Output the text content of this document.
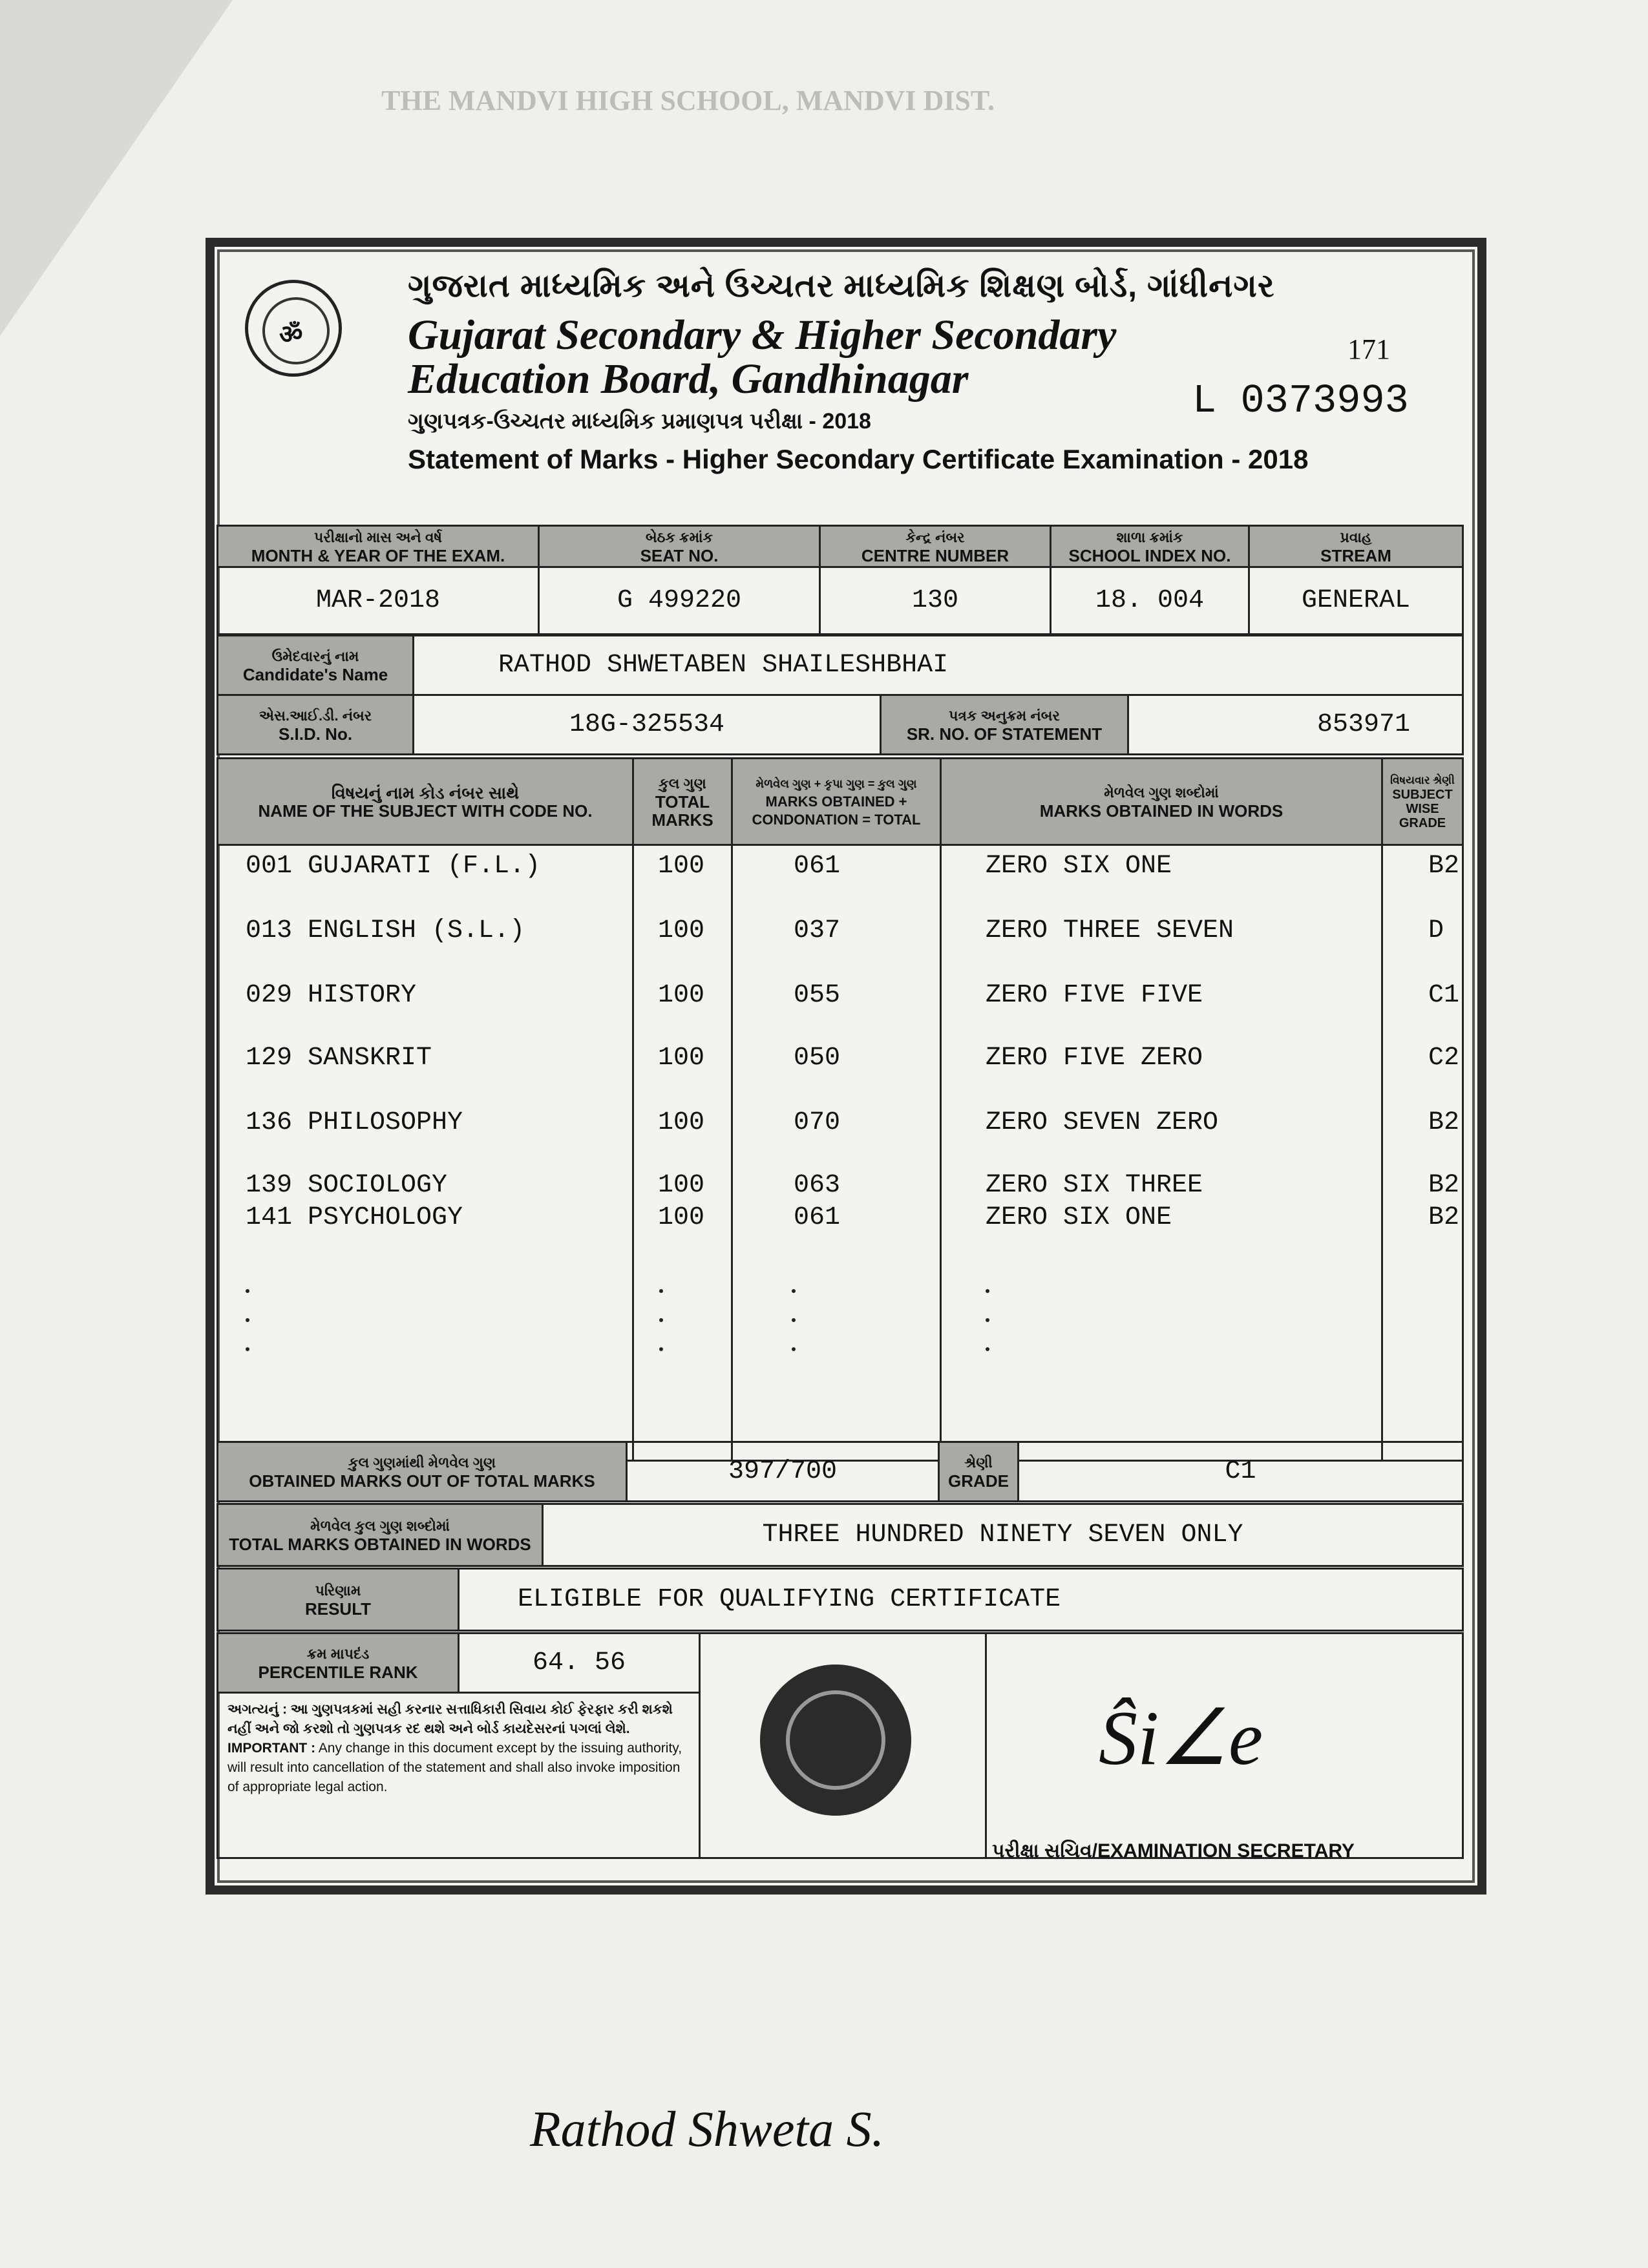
THE MANDVI HIGH SCHOOL, MANDVI DIST.
ॐ
ગુજરાત માધ્યમિક અને ઉચ્ચતર માધ્યમિક શિક્ષણ બોર્ડ, ગાંધીનગર
Gujarat Secondary & Higher Secondary
Education Board, Gandhinagar
ગુણપત્રક-ઉચ્ચતર માધ્યમિક પ્રમાણપત્ર પરીક્ષા - 2018
Statement of Marks - Higher Secondary Certificate Examination - 2018
171
L 0373993
પરીક્ષાનો માસ અને વર્ષ
MONTH & YEAR OF THE EXAM.	બેઠક ક્રમાંક
SEAT NO.	કેન્દ્ર નંબર
CENTRE NUMBER	શાળા ક્રમાંક
SCHOOL INDEX NO.	પ્રવાહ
STREAM
MAR-2018	G 499220	130	18. 004	GENERAL
ઉમેદવારનું નામ
Candidate's Name	RATHOD SHWETABEN SHAILESHBHAI		

એસ.આઈ.ડી. નંબર
S.I.D. No.	18G-325534	પત્રક અનુક્રમ નંબર
SR. NO. OF STATEMENT	853971
વિષયનું નામ કોડ નંબર સાથે
NAME OF THE SUBJECT WITH CODE NO.	કુલ ગુણ
TOTAL MARKS	મેળવેલ ગુણ + કૃપા ગુણ = કુલ ગુણ
MARKS OBTAINED + CONDONATION = TOTAL	મેળવેલ ગુણ શબ્દોમાં
MARKS OBTAINED IN WORDS	વિષયવાર શ્રેણી
SUBJECT WISE GRADE

001 GUJARATI (F.L.)	100	061	ZERO SIX ONE	B2
013 ENGLISH (S.L.)	100	037	ZERO THREE SEVEN	D
029 HISTORY	100	055	ZERO FIVE FIVE	C1
129 SANSKRIT	100	050	ZERO FIVE ZERO	C2
136 PHILOSOPHY	100	070	ZERO SEVEN ZERO	B2
139 SOCIOLOGY	100	063	ZERO SIX THREE	B2
141 PSYCHOLOGY	100	061	ZERO SIX ONE	B2
કુલ ગુણમાંથી મેળવેલ ગુણ
OBTAINED MARKS OUT OF TOTAL MARKS	397/700	શ્રેણી
GRADE	C1
મેળવેલ કુલ ગુણ શબ્દોમાં
TOTAL MARKS OBTAINED IN WORDS	THREE HUNDRED NINETY SEVEN ONLY
પરિણામ
RESULT	ELIGIBLE FOR QUALIFYING CERTIFICATE
ક્રમ માપદંડ
PERCENTILE RANK	64. 56		
અગત્યનું : આ ગુણપત્રકમાં સહી કરનાર સત્તાધિકારી સિવાય કોઈ ફેરફાર કરી શકશે નહીં અને જો કરશો તો ગુણપત્રક રદ થશે અને બોર્ડ કાયદેસરનાં પગલાં લેશે.
IMPORTANT : Any change in this document except by the issuing authority, will result into cancellation of the statement and shall also invoke imposition of appropriate legal action.
Ŝi∠e
પરીક્ષા સચિવ/EXAMINATION SECRETARY
Rathod Shweta S.
